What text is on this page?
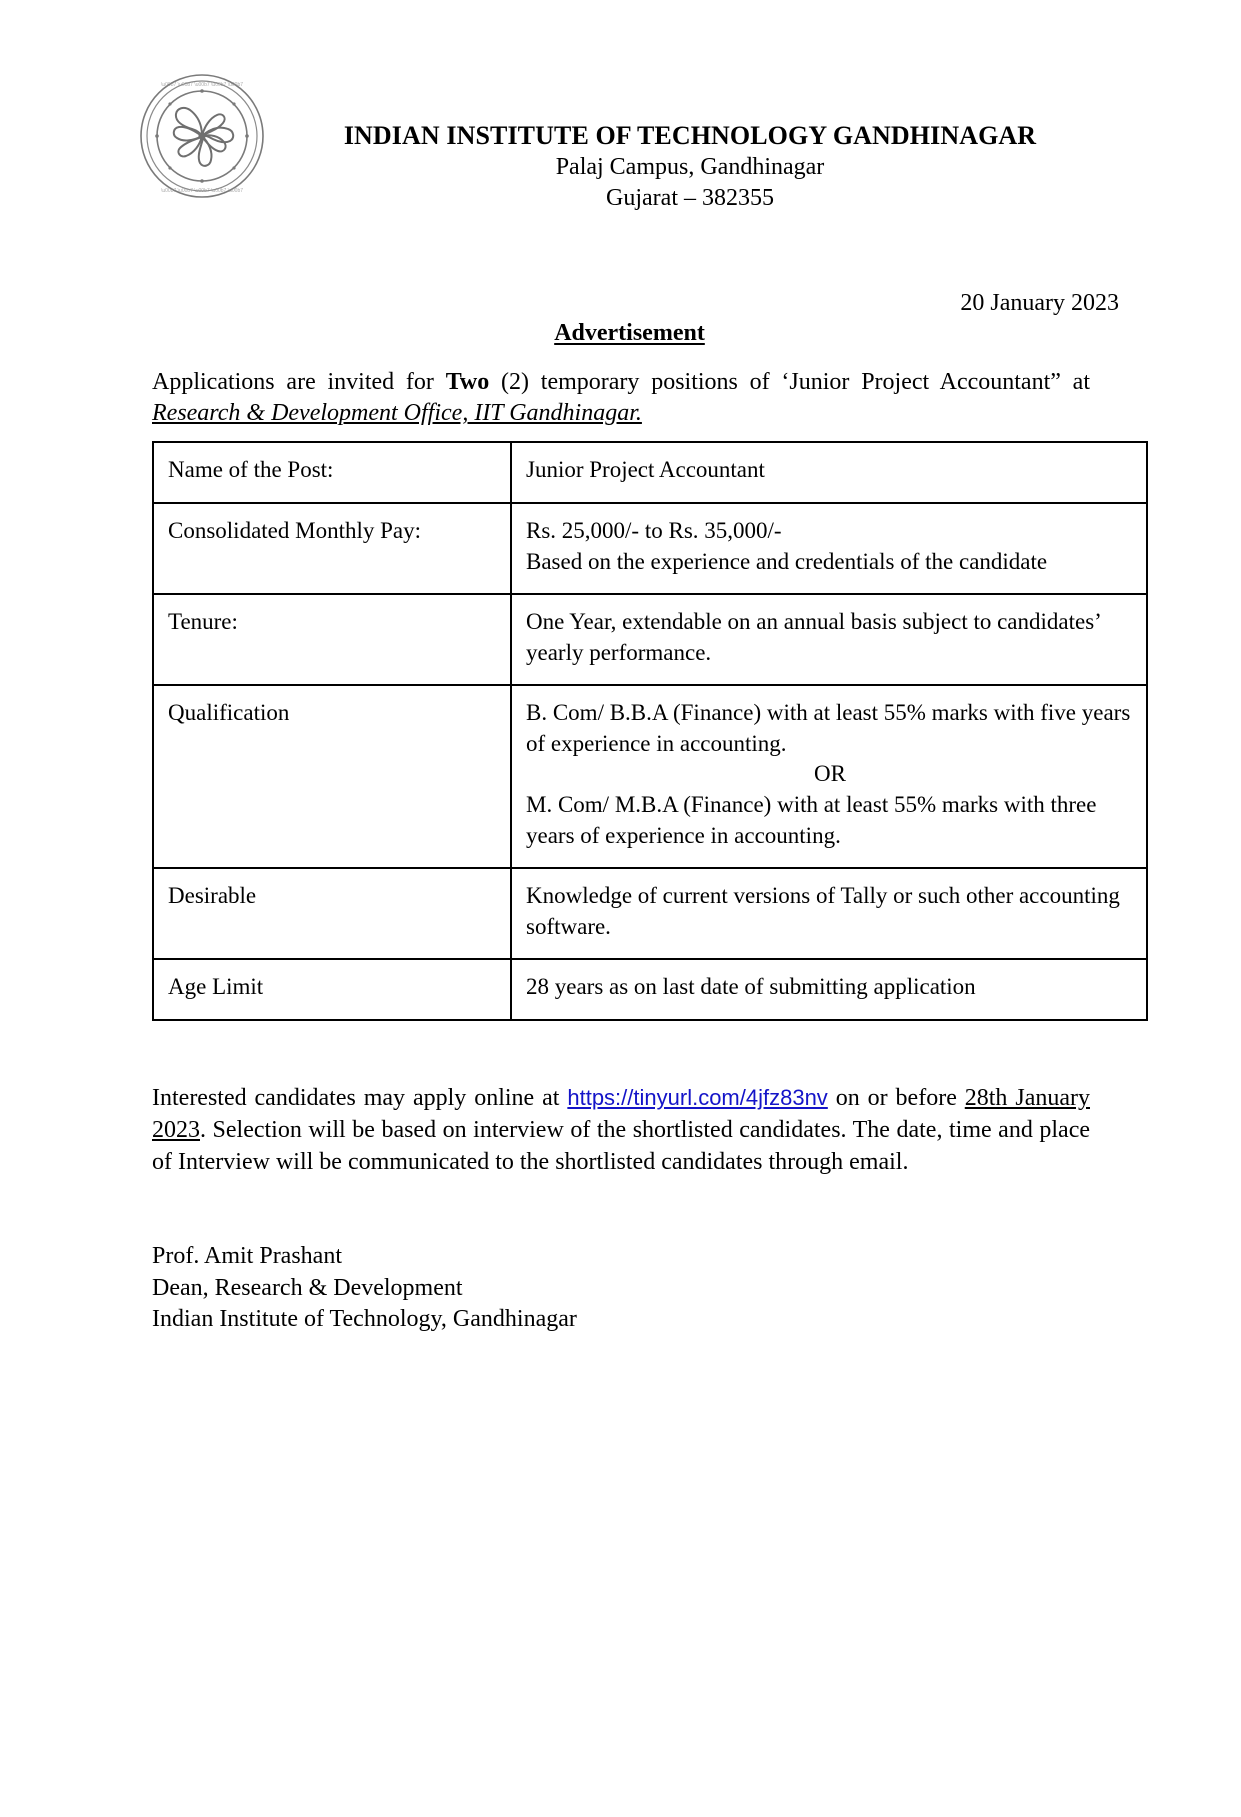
\u00b7 \u00b7 \u00b7 \u00b7 \u00b7
\u00b7 \u00b7 \u00b7 \u00b7 \u00b7
INDIAN INSTITUTE OF TECHNOLOGY GANDHINAGAR
Palaj Campus, Gandhinagar
Gujarat – 382355
20 January 2023
Advertisement

Applications are invited for Two (2) temporary positions of ‘Junior Project Accountant” at Research & Development Office, IIT Gandhinagar.

Name of the Post:	Junior Project Accountant

Consolidated Monthly Pay:	Rs. 25,000/- to Rs. 35,000/-
Based on the experience and credentials of the candidate

Tenure:	One Year, extendable on an annual basis subject to candidates’ yearly performance.

Qualification	B. Com/ B.B.A (Finance) with at least 55% marks with five years of experience in accounting.
OR
M. Com/ M.B.A (Finance) with at least 55% marks with three years of experience in accounting.

Desirable	Knowledge of current versions of Tally or such other accounting software.

Age Limit	28 years as on last date of submitting application

Interested candidates may apply online at https://tinyurl.com/4jfz83nv on or before 28th January 2023. Selection will be based on interview of the shortlisted candidates. The date, time and place of Interview will be communicated to the shortlisted candidates through email.

Prof. Amit Prashant
Dean, Research & Development
Indian Institute of Technology, Gandhinagar
